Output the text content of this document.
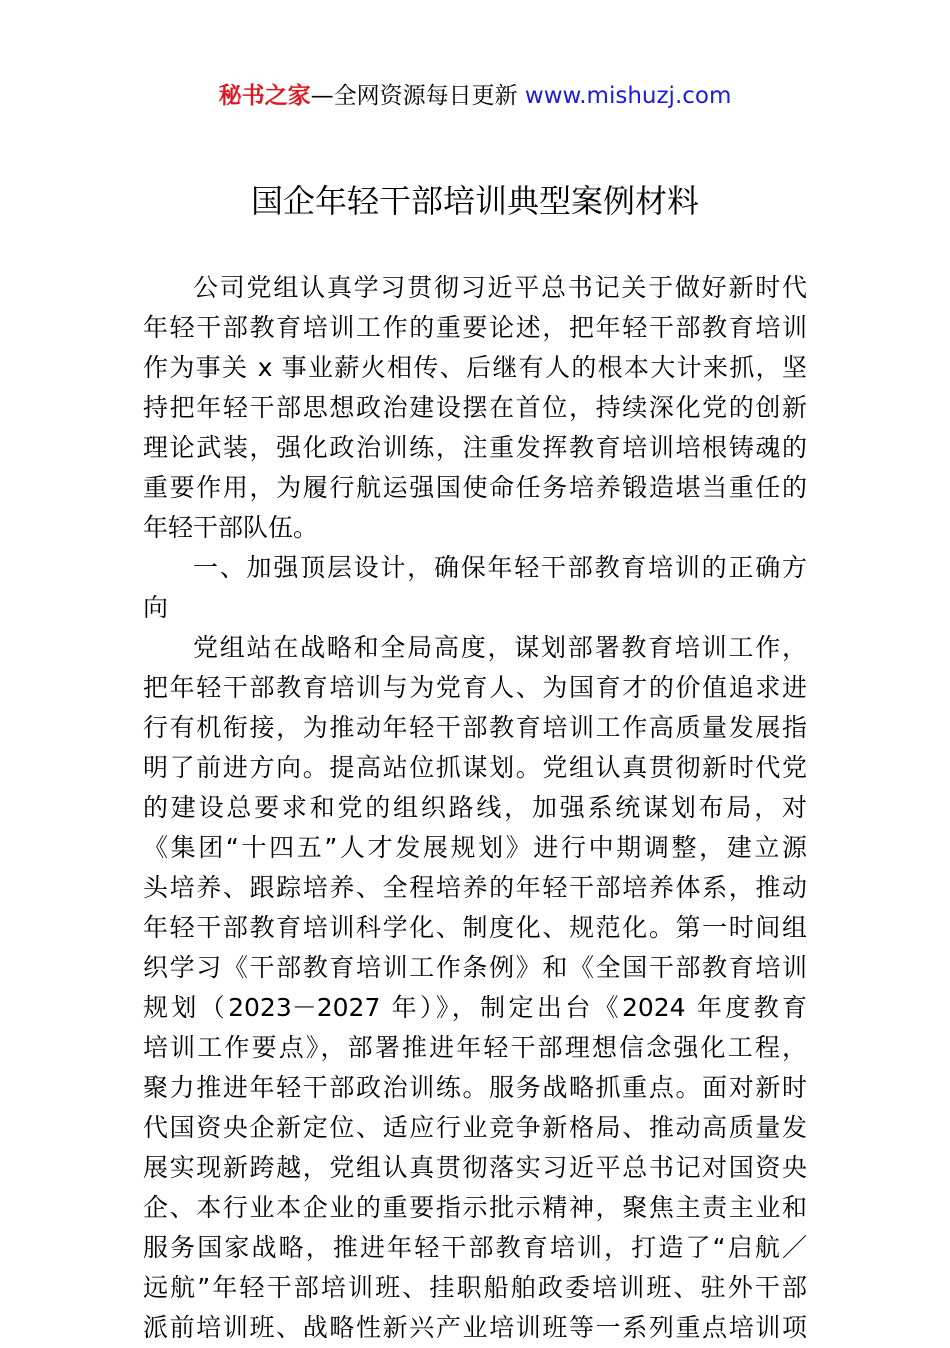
秘书之家—全网资源每日更新 www.mishuzj.com
国企年轻干部培训典型案例材料
公司党组认真学习贯彻习近平总书记关于做好新时代
年轻干部教育培训工作的重要论述，把年轻干部教育培训
作为事关 x 事业薪火相传、后继有人的根本大计来抓，坚
持把年轻干部思想政治建设摆在首位，持续深化党的创新
理论武装，强化政治训练，注重发挥教育培训培根铸魂的
重要作用，为履行航运强国使命任务培养锻造堪当重任的
年轻干部队伍。
一、加强顶层设计，确保年轻干部教育培训的正确方
向
党组站在战略和全局高度，谋划部署教育培训工作，
把年轻干部教育培训与为党育人、为国育才的价值追求进
行有机衔接，为推动年轻干部教育培训工作高质量发展指
明了前进方向。提高站位抓谋划。党组认真贯彻新时代党
的建设总要求和党的组织路线，加强系统谋划布局，对
《集团“十四五”人才发展规划》进行中期调整，建立源
头培养、跟踪培养、全程培养的年轻干部培养体系，推动
年轻干部教育培训科学化、制度化、规范化。第一时间组
织学习《干部教育培训工作条例》和《全国干部教育培训
规划（2023－2027 年）》，制定出台《2024 年度教育
培训工作要点》，部署推进年轻干部理想信念强化工程，
聚力推进年轻干部政治训练。服务战略抓重点。面对新时
代国资央企新定位、适应行业竞争新格局、推动高质量发
展实现新跨越，党组认真贯彻落实习近平总书记对国资央
企、本行业本企业的重要指示批示精神，聚焦主责主业和
服务国家战略，推进年轻干部教育培训，打造了“启航／
远航”年轻干部培训班、挂职船舶政委培训班、驻外干部
派前培训班、战略性新兴产业培训班等一系列重点培训项
